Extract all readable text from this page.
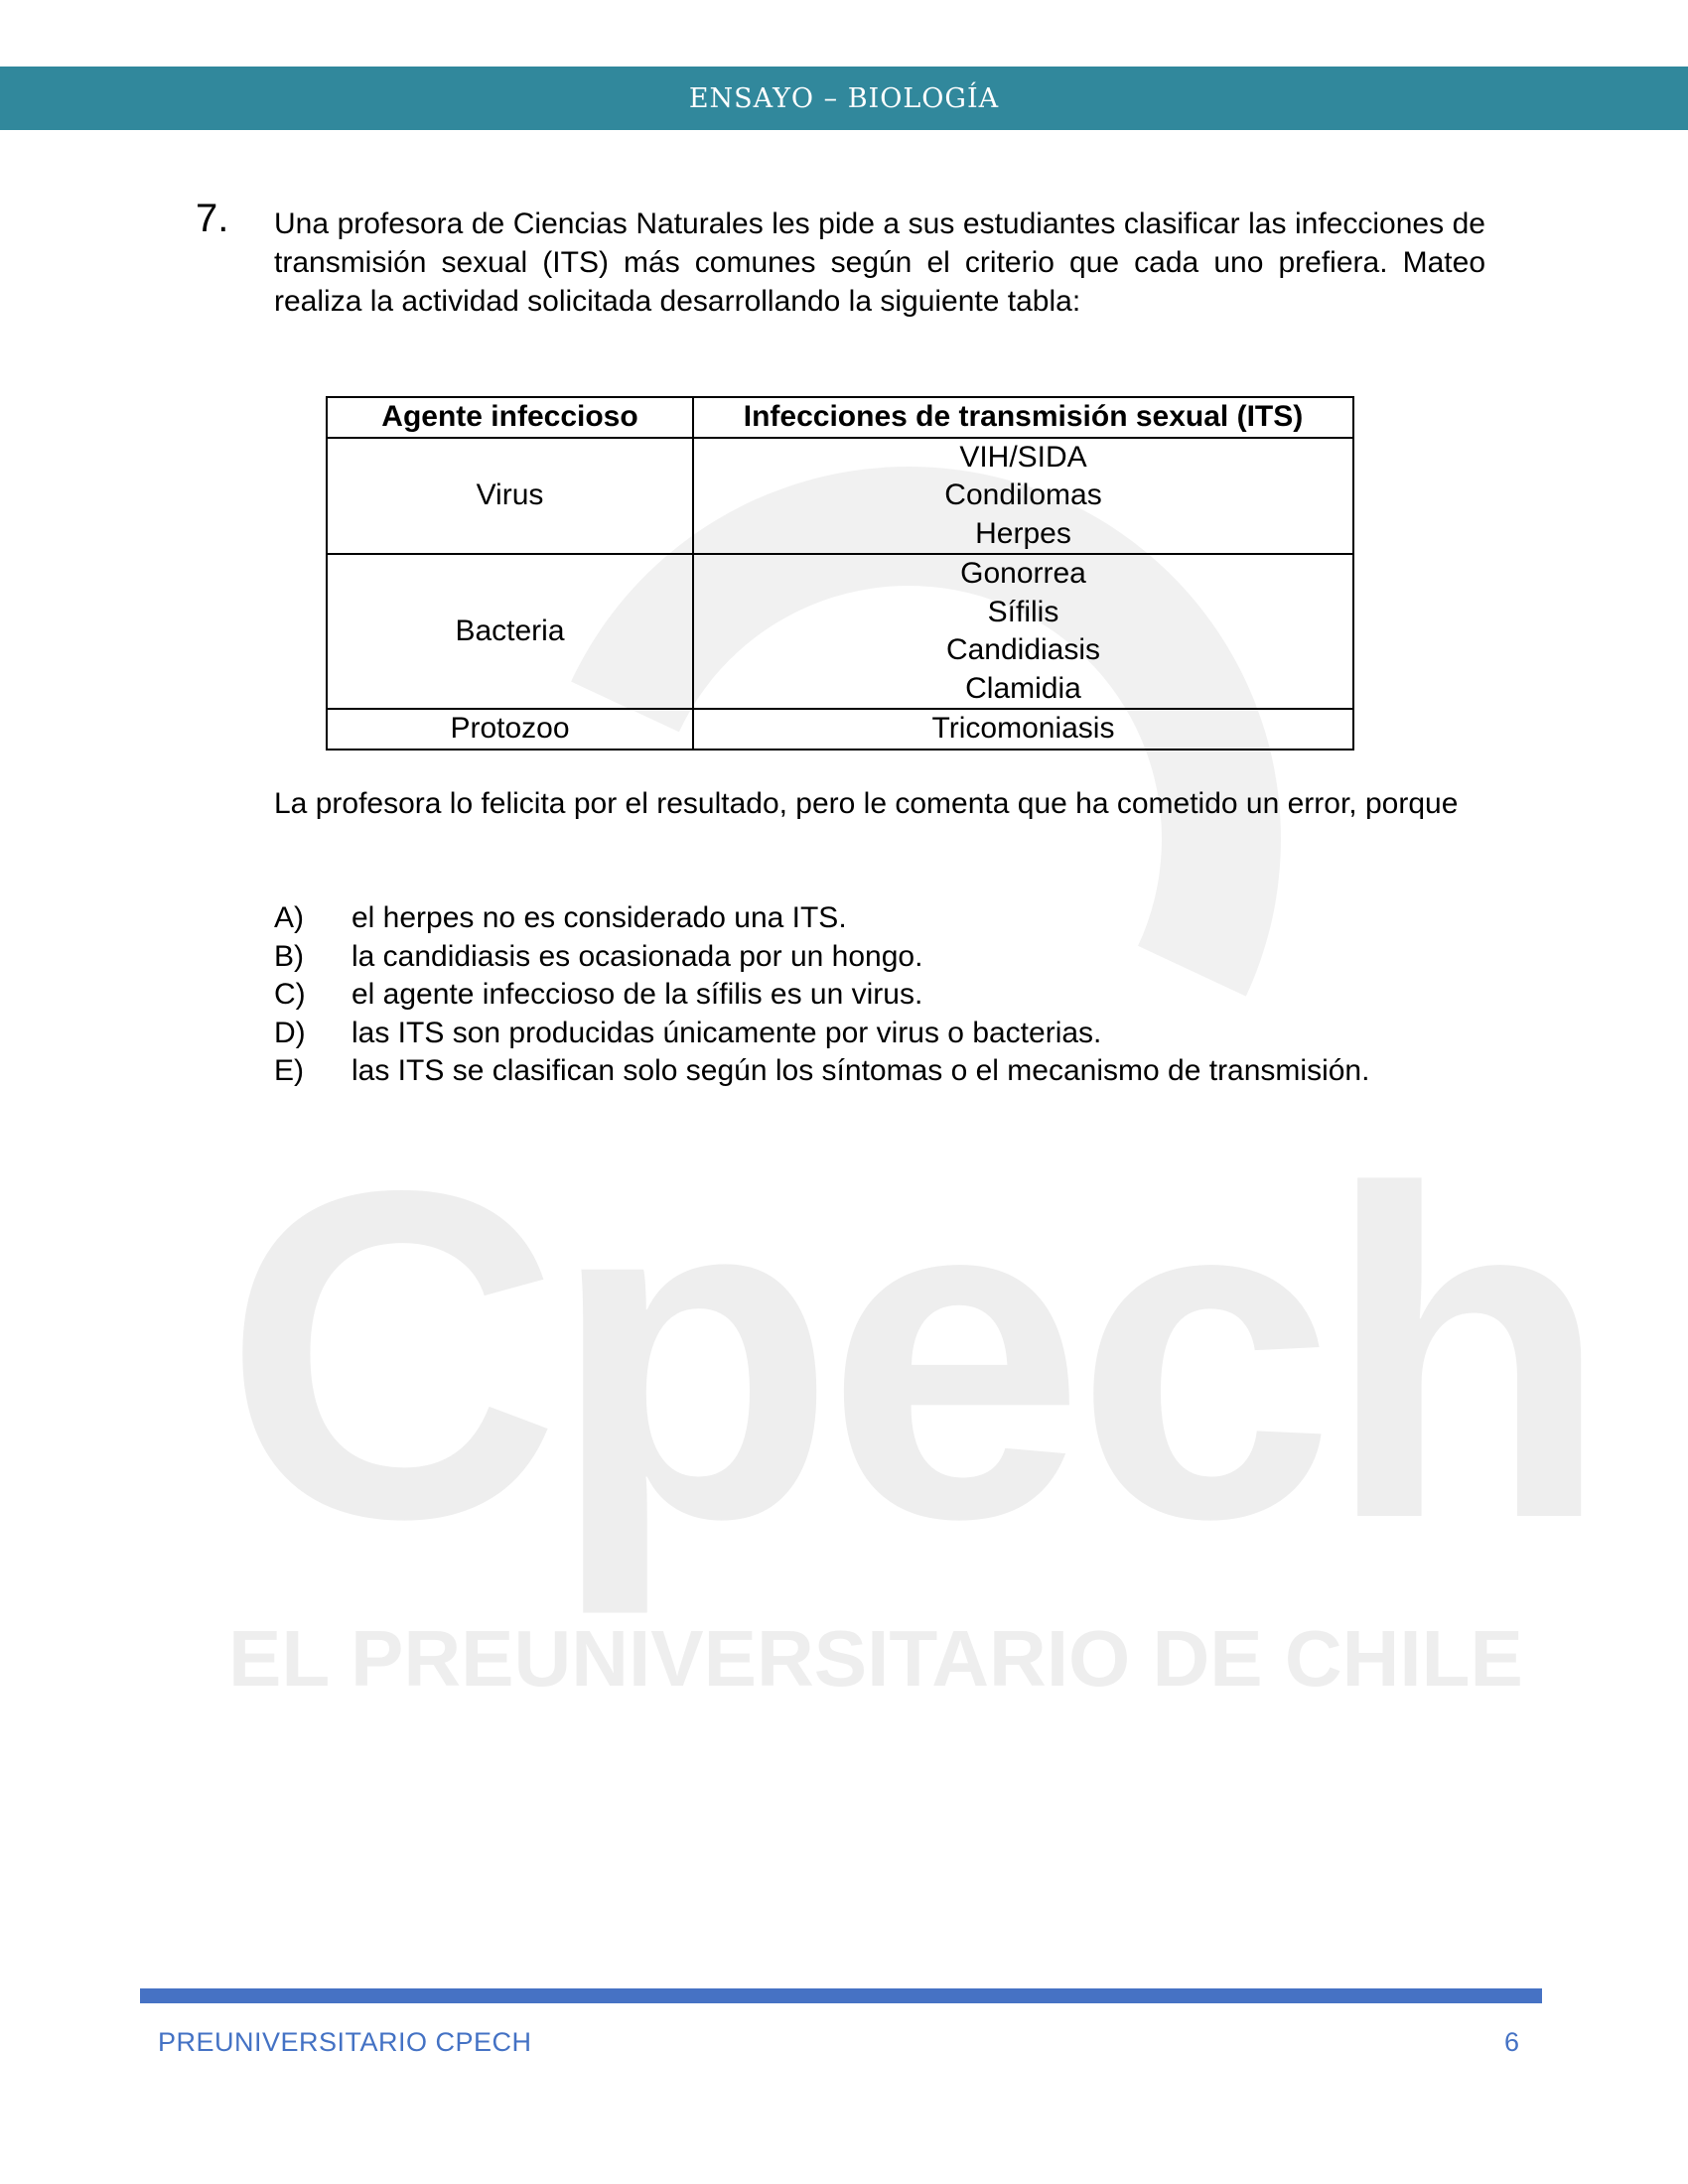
ENSAYO – BIOLOGÍA
Cpech
EL PREUNIVERSITARIO DE CHILE
7. Una profesora de Ciencias Naturales les pide a sus estudiantes clasificar las infecciones de transmisión sexual (ITS) más comunes según el criterio que cada uno prefiera. Mateo realiza la actividad solicitada desarrollando la siguiente tabla:
Agente infeccioso	Infecciones de transmisión sexual (ITS)
Virus	VIH/SIDA
Condilomas
Herpes

Bacteria	Gonorrea
Sífilis
Candidiasis
Clamidia

Protozoo	Tricomoniasis
La profesora lo felicita por el resultado, pero le comenta que ha cometido un error, porque
A)	el herpes no es considerado una ITS.
B)	la candidiasis es ocasionada por un hongo.
C)	el agente infeccioso de la sífilis es un virus.
D)	las ITS son producidas únicamente por virus o bacterias.
E)	las ITS se clasifican solo según los síntomas o el mecanismo de transmisión.
PREUNIVERSITARIO CPECH	6
